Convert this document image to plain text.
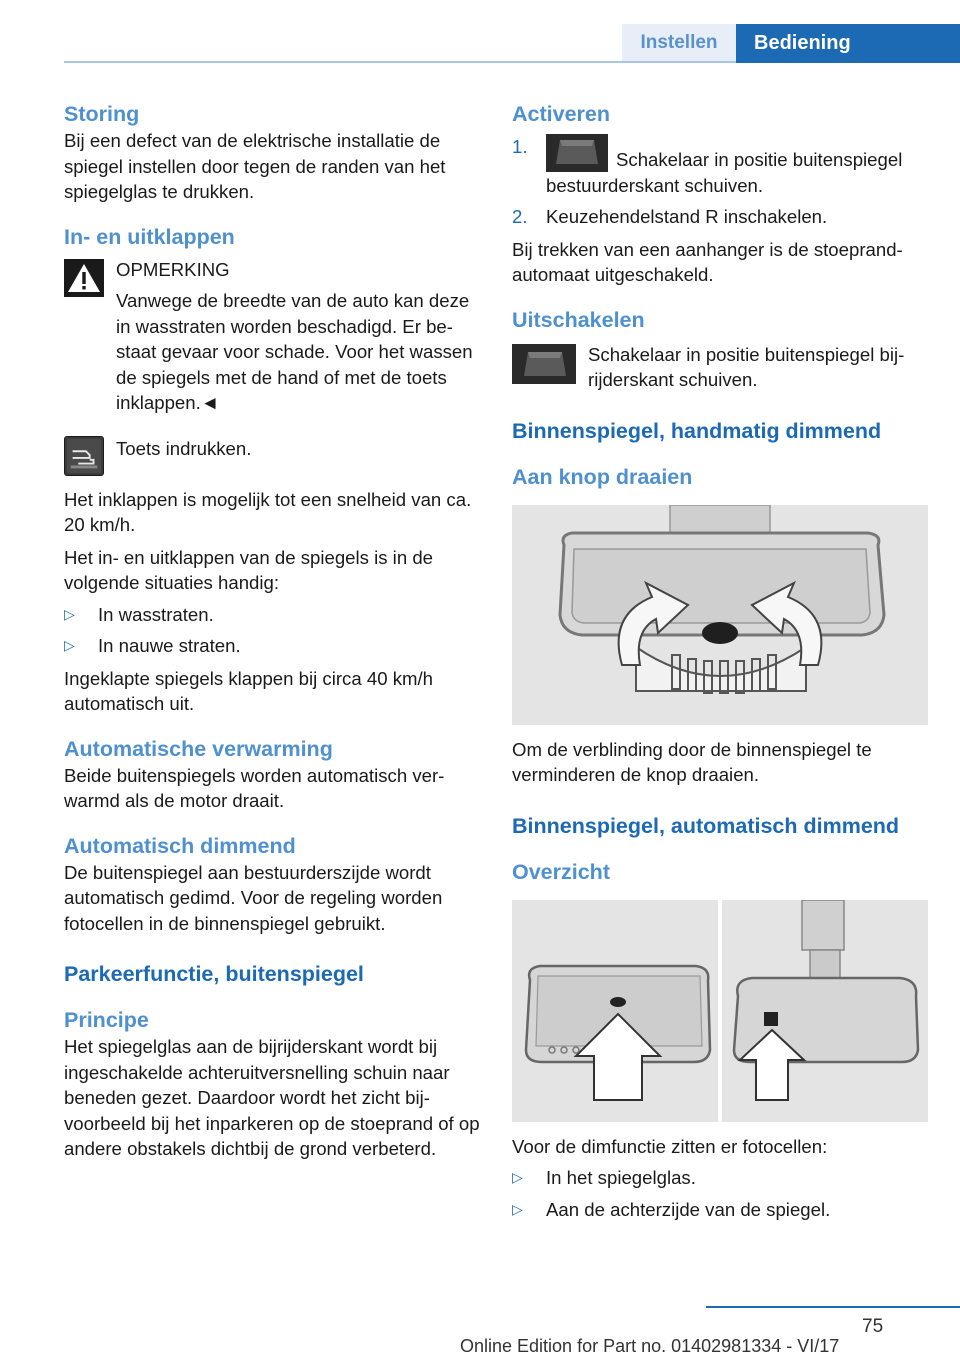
Instellen	Bediening
Storing
Bij een defect van de elektrische installatie de spiegel instellen door tegen de randen van het spiegelglas te drukken.
In- en uitklappen
OPMERKING
Vanwege de breedte van de auto kan deze in wasstraten worden beschadigd. Er bestaat gevaar voor schade. Voor het wassen de spiegels met de hand of met de toets inklappen.◄
Toets indrukken.
Het inklappen is mogelijk tot een snelheid van ca. 20 km/h.
Het in- en uitklappen van de spiegels is in de volgende situaties handig:
▷ In wasstraten.
▷ In nauwe straten.
Ingeklapte spiegels klappen bij circa 40 km/h automatisch uit.
Automatische verwarming
Beide buitenspiegels worden automatisch verwarmd als de motor draait.
Automatisch dimmend
De buitenspiegel aan bestuurderszijde wordt automatisch gedimd. Voor de regeling worden fotocellen in de binnenspiegel gebruikt.
Parkeerfunctie, buitenspiegel
Principe
Het spiegelglas aan de bijrijderskant wordt bij ingeschakelde achteruitversnelling schuin naar beneden gezet. Daardoor wordt het zicht bijvoorbeeld bij het inparkeren op de stoeprand of op andere obstakels dichtbij de grond verbeterd.
Activeren
1.
Schakelaar in positie buitenspiegel bestuurderskant schuiven.
2. Keuzehendelstand R inschakelen.
Bij trekken van een aanhanger is de stoeprandautomaat uitgeschakeld.
Uitschakelen
Schakelaar in positie buitenspiegel bijrijderskant schuiven.
Binnenspiegel, handmatig dimmend
Aan knop draaien
Om de verblinding door de binnenspiegel te verminderen de knop draaien.
Binnenspiegel, automatisch dimmend
Overzicht
Voor de dimfunctie zitten er fotocellen:
▷ In het spiegelglas.
▷ Aan de achterzijde van de spiegel.
75
Online Edition for Part no. 01402981334 - VI/17
